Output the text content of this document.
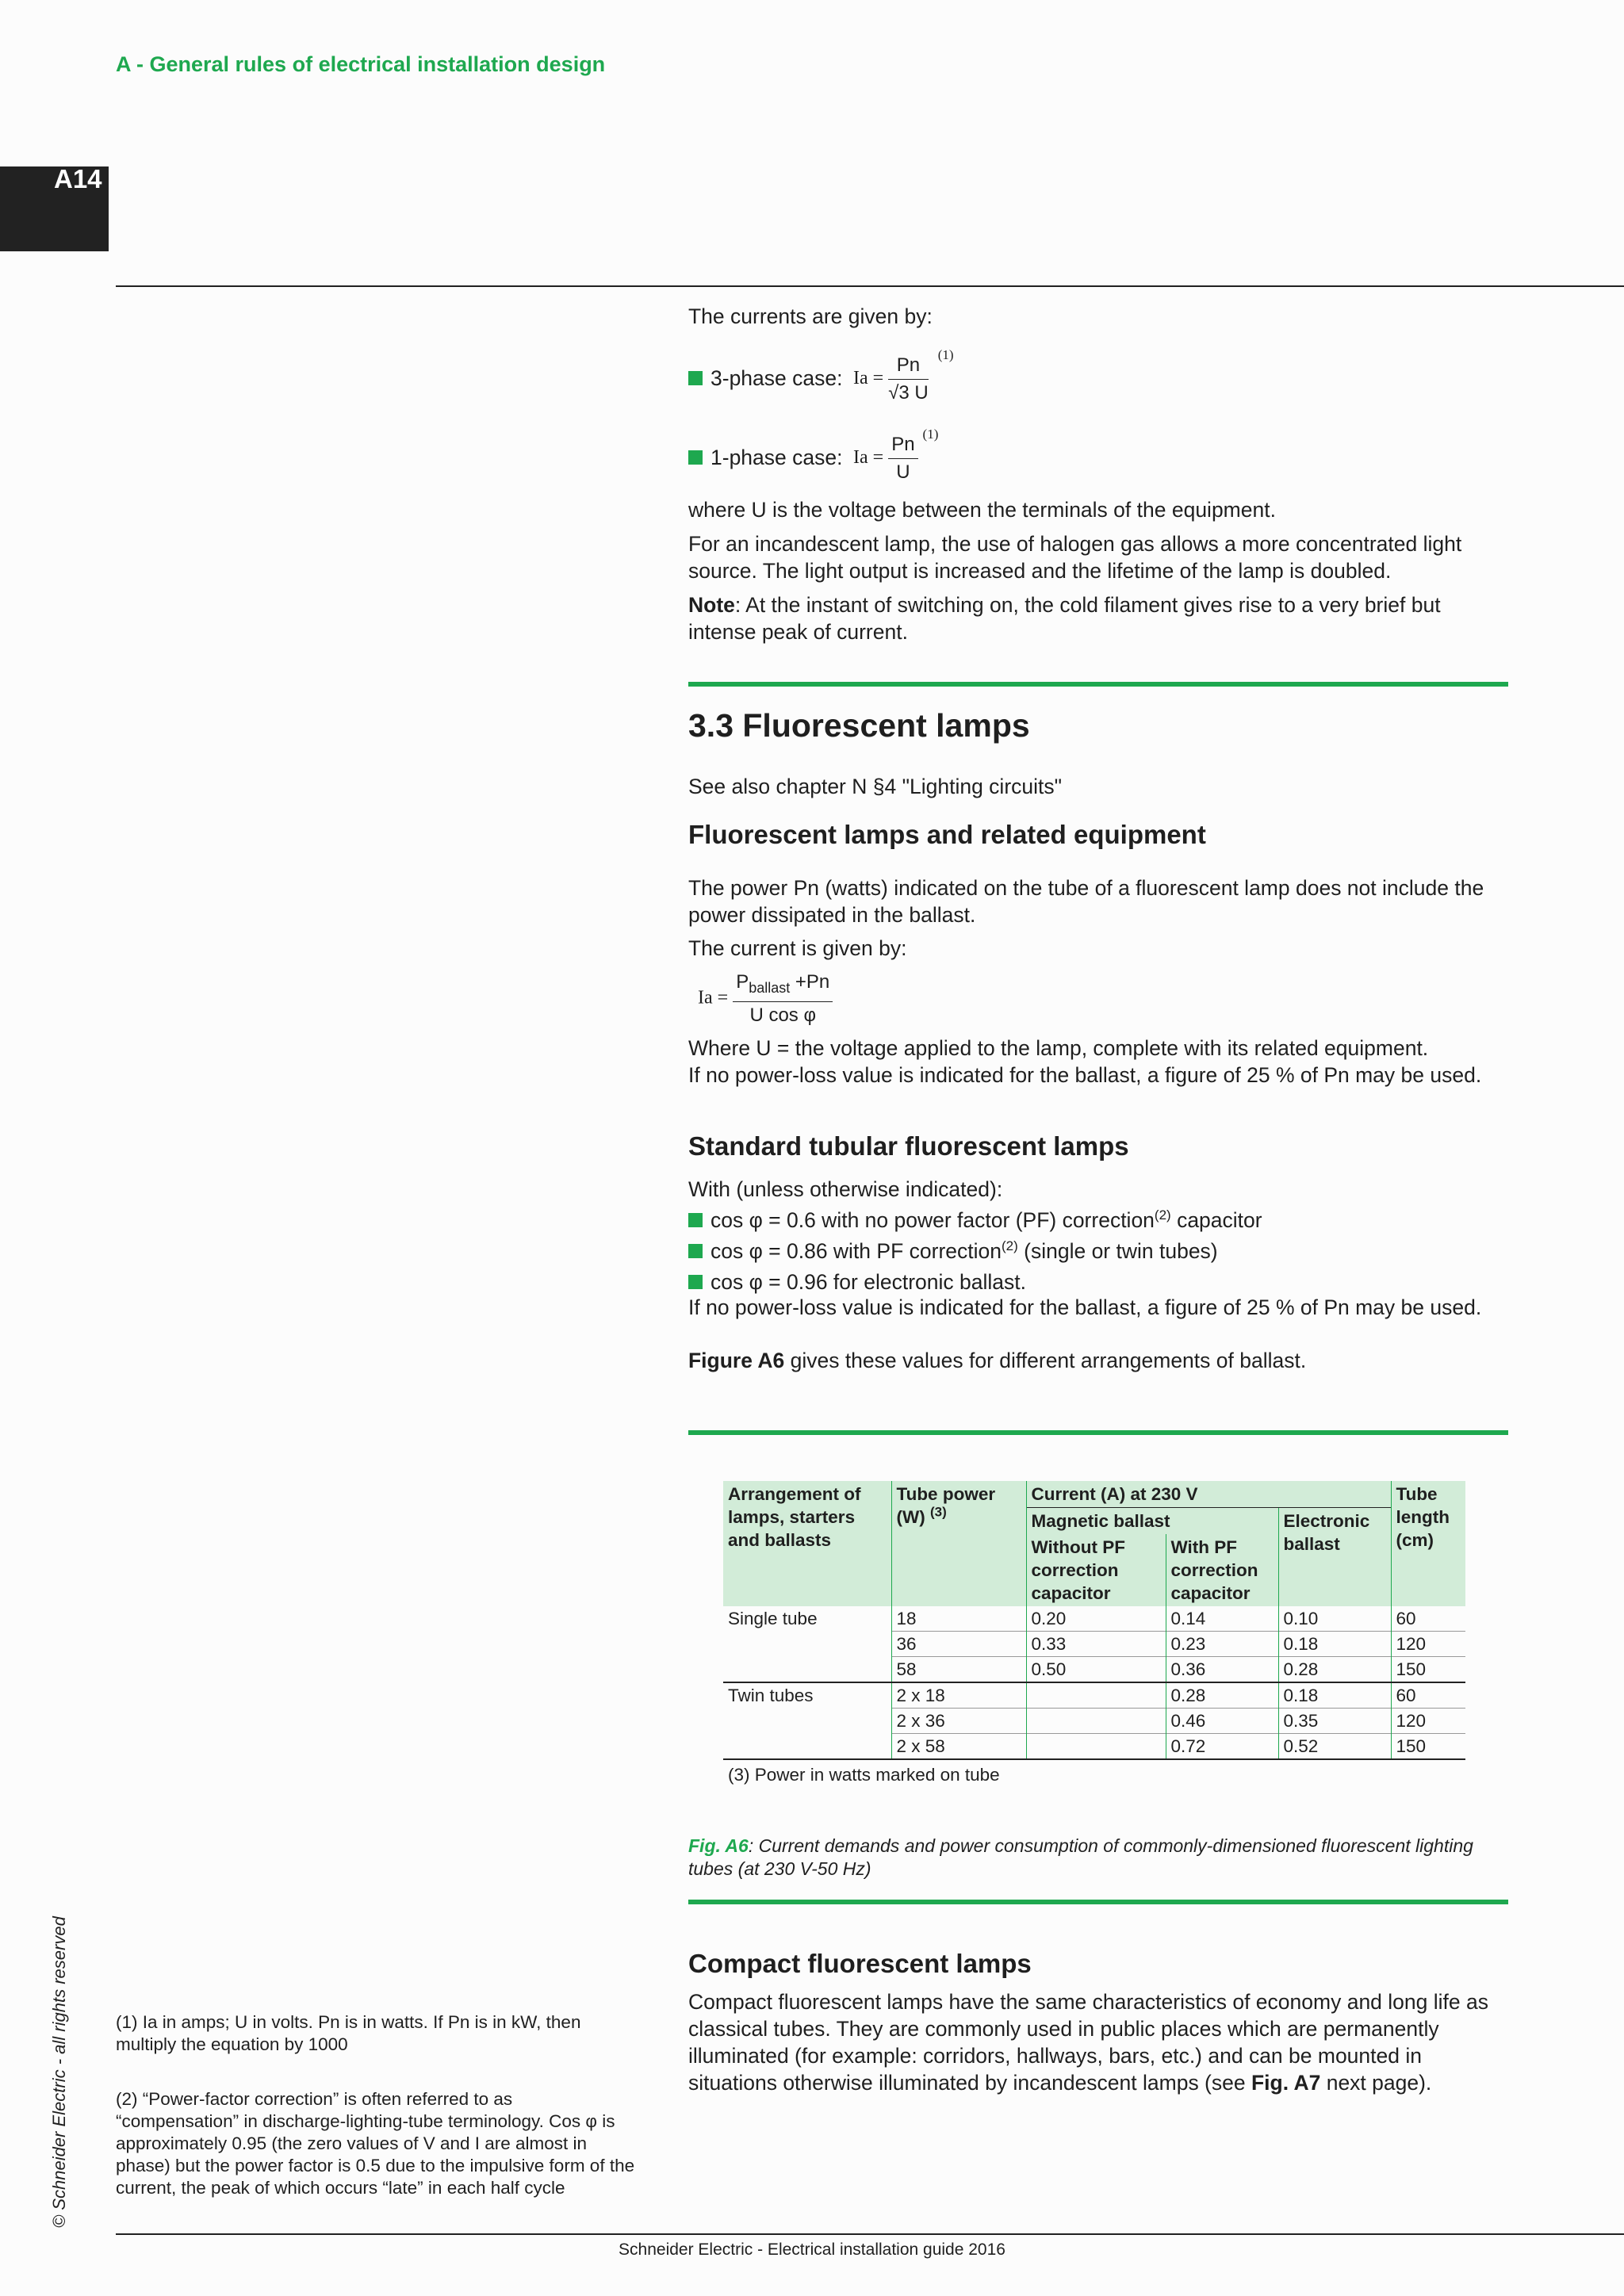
A - General rules of electrical installation design
A14
The currents are given by:
3-phase case: $Ia = \frac{Pn}{√3 U} ^{(1)}$
1-phase case: $Ia = \frac{Pn}{U} ^{(1)}$
where U is the voltage between the terminals of the equipment.
For an incandescent lamp, the use of halogen gas allows a more concentrated light source. The light output is increased and the lifetime of the lamp is doubled.
Note: At the instant of switching on, the cold filament gives rise to a very brief but intense peak of current.
3.3 Fluorescent lamps
See also chapter N §4 "Lighting circuits"
Fluorescent lamps and related equipment
The power Pn (watts) indicated on the tube of a fluorescent lamp does not include the power dissipated in the ballast.
The current is given by:
$Ia = \frac{P_{ballast} +Pn}{\text{U cos φ}}$
Where U = the voltage applied to the lamp, complete with its related equipment.
If no power-loss value is indicated for the ballast, a figure of 25 % of Pn may be used.
Standard tubular fluorescent lamps
With (unless otherwise indicated):
cos φ = 0.6 with no power factor (PF) correction$^{(2)}$ capacitor
cos φ = 0.86 with PF correction$^{(2)}$ (single or twin tubes)
cos φ = 0.96 for electronic ballast.
If no power-loss value is indicated for the ballast, a figure of 25 % of Pn may be used.
Figure A6 gives these values for different arrangements of ballast.
Arrangement of lamps, starters and ballasts	Tube power (W) $^{(3)}$	Current (A) at 230 V			Tube length (cm)
		Magnetic ballast		Electronic ballast	
		Without PF correction capacitor	With PF correction capacitor		
Single tube	18	0.20	0.14	0.10	60
	36	0.33	0.23	0.18	120
	58	0.50	0.36	0.28	150
Twin tubes	2 x 18		0.28	0.18	60
	2 x 36		0.46	0.35	120
	2 x 58		0.72	0.52	150
(3) Power in watts marked on tube					
Fig. A6: Current demands and power consumption of commonly-dimensioned fluorescent lighting tubes (at 230 V-50 Hz)
Compact fluorescent lamps
Compact fluorescent lamps have the same characteristics of economy and long life as classical tubes. They are commonly used in public places which are permanently illuminated (for example: corridors, hallways, bars, etc.) and can be mounted in situations otherwise illuminated by incandescent lamps (see Fig. A7 next page).
(1) Ia in amps; U in volts. Pn is in watts. If Pn is in kW, then multiply the equation by 1000
(2) “Power-factor correction” is often referred to as “compensation” in discharge-lighting-tube terminology. Cos φ is approximately 0.95 (the zero values of V and I are almost in phase) but the power factor is 0.5 due to the impulsive form of the current, the peak of which occurs “late” in each half cycle
© Schneider Electric - all rights reserved
Schneider Electric - Electrical installation guide 2016
